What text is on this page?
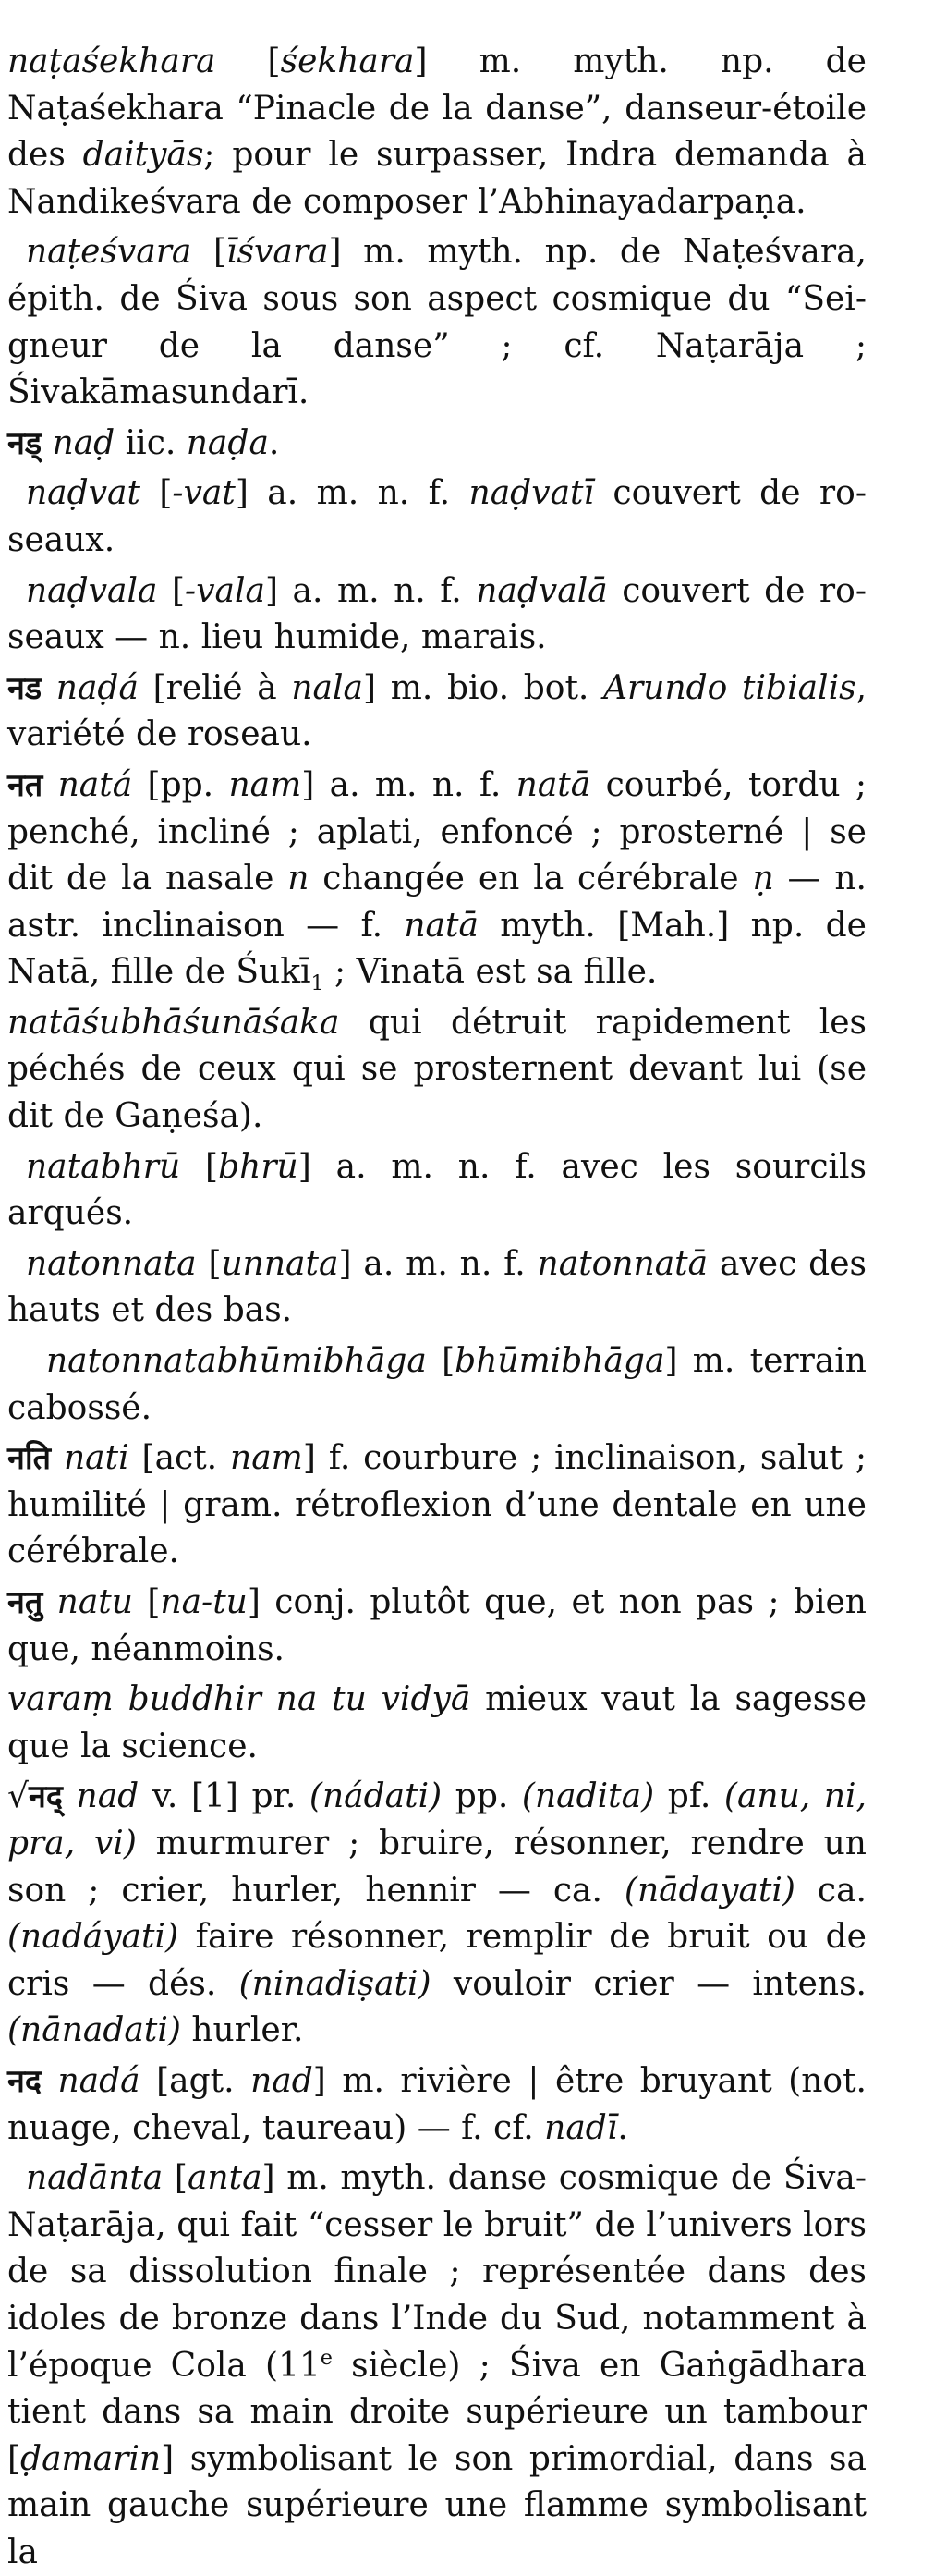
naṭaśekhara [śekhara] m. myth. np. de Naṭaśekhara “Pinacle de la danse”, danseur-étoile des daityās; pour le surpasser, Indra demanda à Nandikeśvara de composer l’Abhinayadarpaṇa.

naṭeśvara [īśvara] m. myth. np. de Naṭeśvara, épith. de Śiva sous son aspect cosmique du “Seigneur de la danse” ; cf. Naṭarāja ; Śivakāmasundarī.

नड् naḍ iic. naḍa.

naḍvat [-vat] a. m. n. f. naḍvatī couvert de roseaux.

naḍvala [-vala] a. m. n. f. naḍvalā couvert de roseaux — n. lieu humide, marais.

नड naḍá [relié à nala] m. bio. bot. Arundo tibialis, variété de roseau.

नत natá [pp. nam] a. m. n. f. natā courbé, tordu ; penché, incliné ; aplati, enfoncé ; prosterné | se dit de la nasale n changée en la cérébrale ṇ — n. astr. inclinaison — f. natā myth. [Mah.] np. de Natā, fille de Śukī$_1$ ; Vinatā est sa fille.

natāśubhāśunāśaka qui détruit rapidement les péchés de ceux qui se prosternent devant lui (se dit de Gaṇeśa).

natabhrū [bhrū] a. m. n. f. avec les sourcils arqués.

natonnata [unnata] a. m. n. f. natonnatā avec des hauts et des bas.

natonnatabhūmibhāga [bhūmibhāga] m. terrain cabossé.

नति nati [act. nam] f. courbure ; inclinaison, salut ; humilité | gram. rétroflexion d’une dentale en une cérébrale.

नतु natu [na-tu] conj. plutôt que, et non pas ; bien que, néanmoins.

varaṃ buddhir na tu vidyā mieux vaut la sagesse que la science.

√नद् nad v. [1] pr. (nádati) pp. (nadita) pf. (anu, ni, pra, vi) murmurer ; bruire, résonner, rendre un son ; crier, hurler, hennir — ca. (nādayati) ca. (nadáyati) faire résonner, remplir de bruit ou de cris — dés. (ninadiṣati) vouloir crier — intens. (nānadati) hurler.

नद nadá [agt. nad] m. rivière | être bruyant (not. nuage, cheval, taureau) — f. cf. nadī.

nadānta [anta] m. myth. danse cosmique de Śiva-Naṭarāja, qui fait “cesser le bruit” de l’univers lors de sa dissolution finale ; représentée dans des idoles de bronze dans l’Inde du Sud, notamment à l’époque Cola (11e siècle) ; Śiva en Gaṅgādhara tient dans sa main droite supérieure un tambour [ḍamarin] symbolisant le son primordial, dans sa main gauche supérieure une flamme symbolisant la
